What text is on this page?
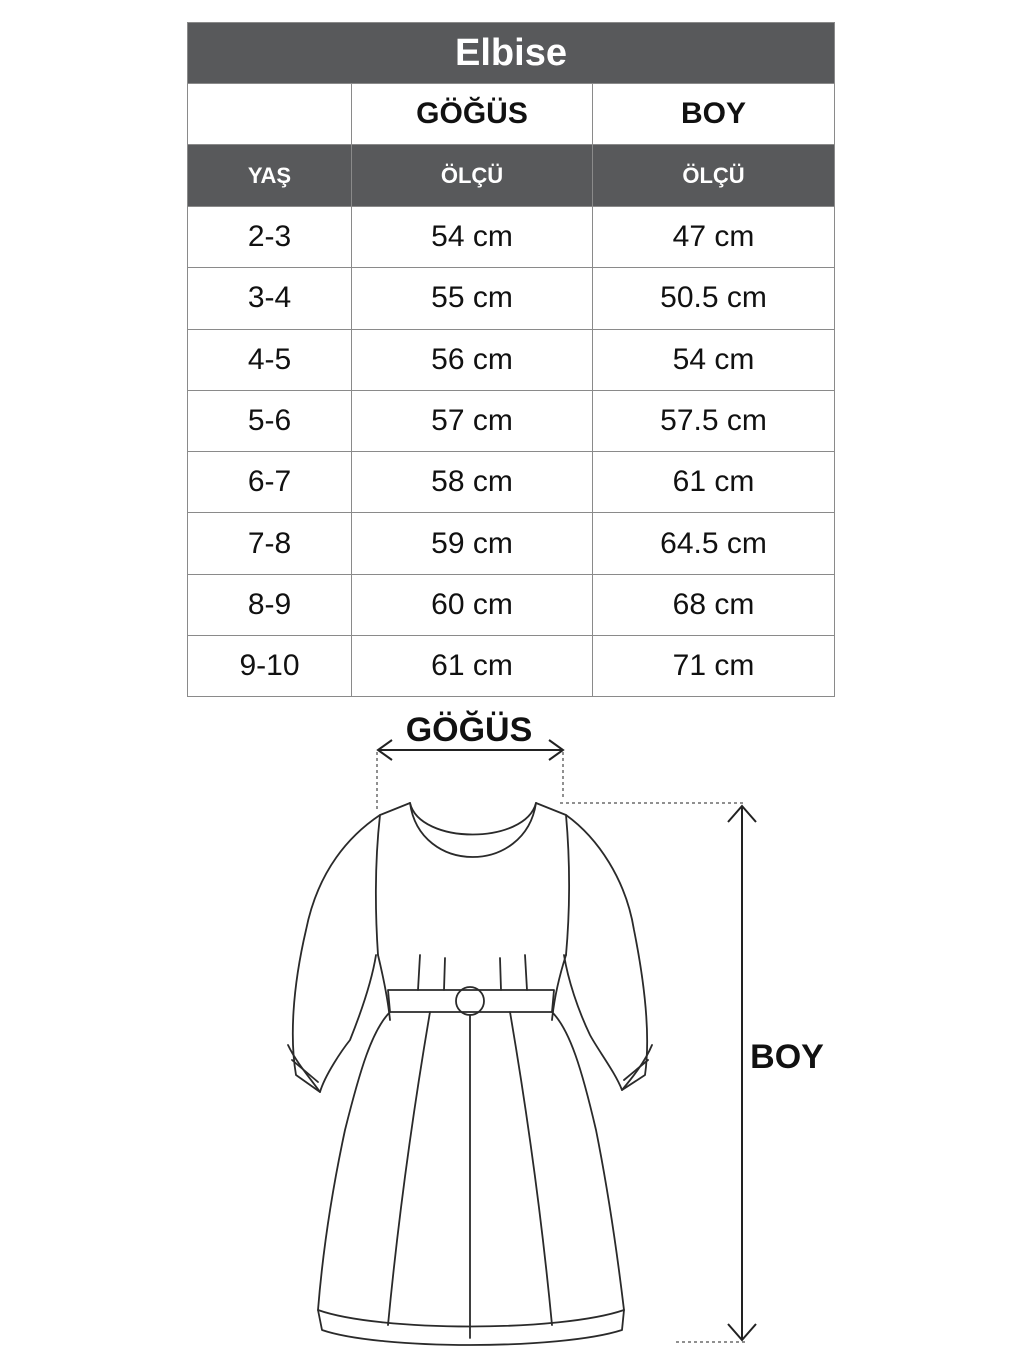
Elbise		
	GÖĞÜS	BOY
YAŞ	ÖLÇÜ	ÖLÇÜ
2-3	54 cm	47 cm
3-4	55 cm	50.5 cm
4-5	56 cm	54 cm
5-6	57 cm	57.5 cm
6-7	58 cm	61 cm
7-8	59 cm	64.5 cm
8-9	60 cm	68 cm
9-10	61 cm	71 cm
GÖĞÜS
BOY
